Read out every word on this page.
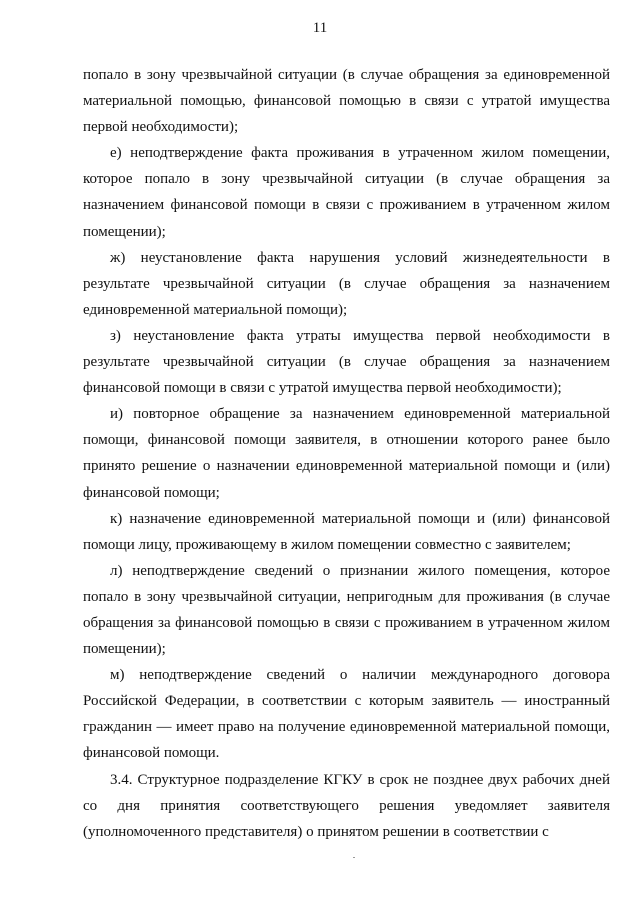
11

попало в зону чрезвычайной ситуации (в случае обращения за единовременной материальной помощью, финансовой помощью в связи с утратой имущества первой необходимости);

е) неподтверждение факта проживания в утраченном жилом помещении, которое попало в зону чрезвычайной ситуации (в случае обращения за назначением финансовой помощи в связи с проживанием в утраченном жилом помещении);

ж) неустановление факта нарушения условий жизнедеятельности в результате чрезвычайной ситуации (в случае обращения за назначением единовременной материальной помощи);

з) неустановление факта утраты имущества первой необходимости в результате чрезвычайной ситуации (в случае обращения за назначением финансовой помощи в связи с утратой имущества первой необходимости);

и) повторное обращение за назначением единовременной материальной помощи, финансовой помощи заявителя, в отношении которого ранее было принято решение о назначении единовременной материальной помощи и (или) финансовой помощи;

к) назначение единовременной материальной помощи и (или) финансовой помощи лицу, проживающему в жилом помещении совместно с заявителем;

л) неподтверждение сведений о признании жилого помещения, которое попало в зону чрезвычайной ситуации, непригодным для проживания (в случае обращения за финансовой помощью в связи с проживанием в утраченном жилом помещении);

м) неподтверждение сведений о наличии международного договора Российской Федерации, в соответствии с которым заявитель — иностранный гражданин — имеет право на получение единовременной материальной помощи, финансовой помощи.

3.4. Структурное подразделение КГКУ в срок не позднее двух рабочих дней со дня принятия соответствующего решения уведомляет заявителя (уполномоченного представителя) о принятом решении в соответствии с
